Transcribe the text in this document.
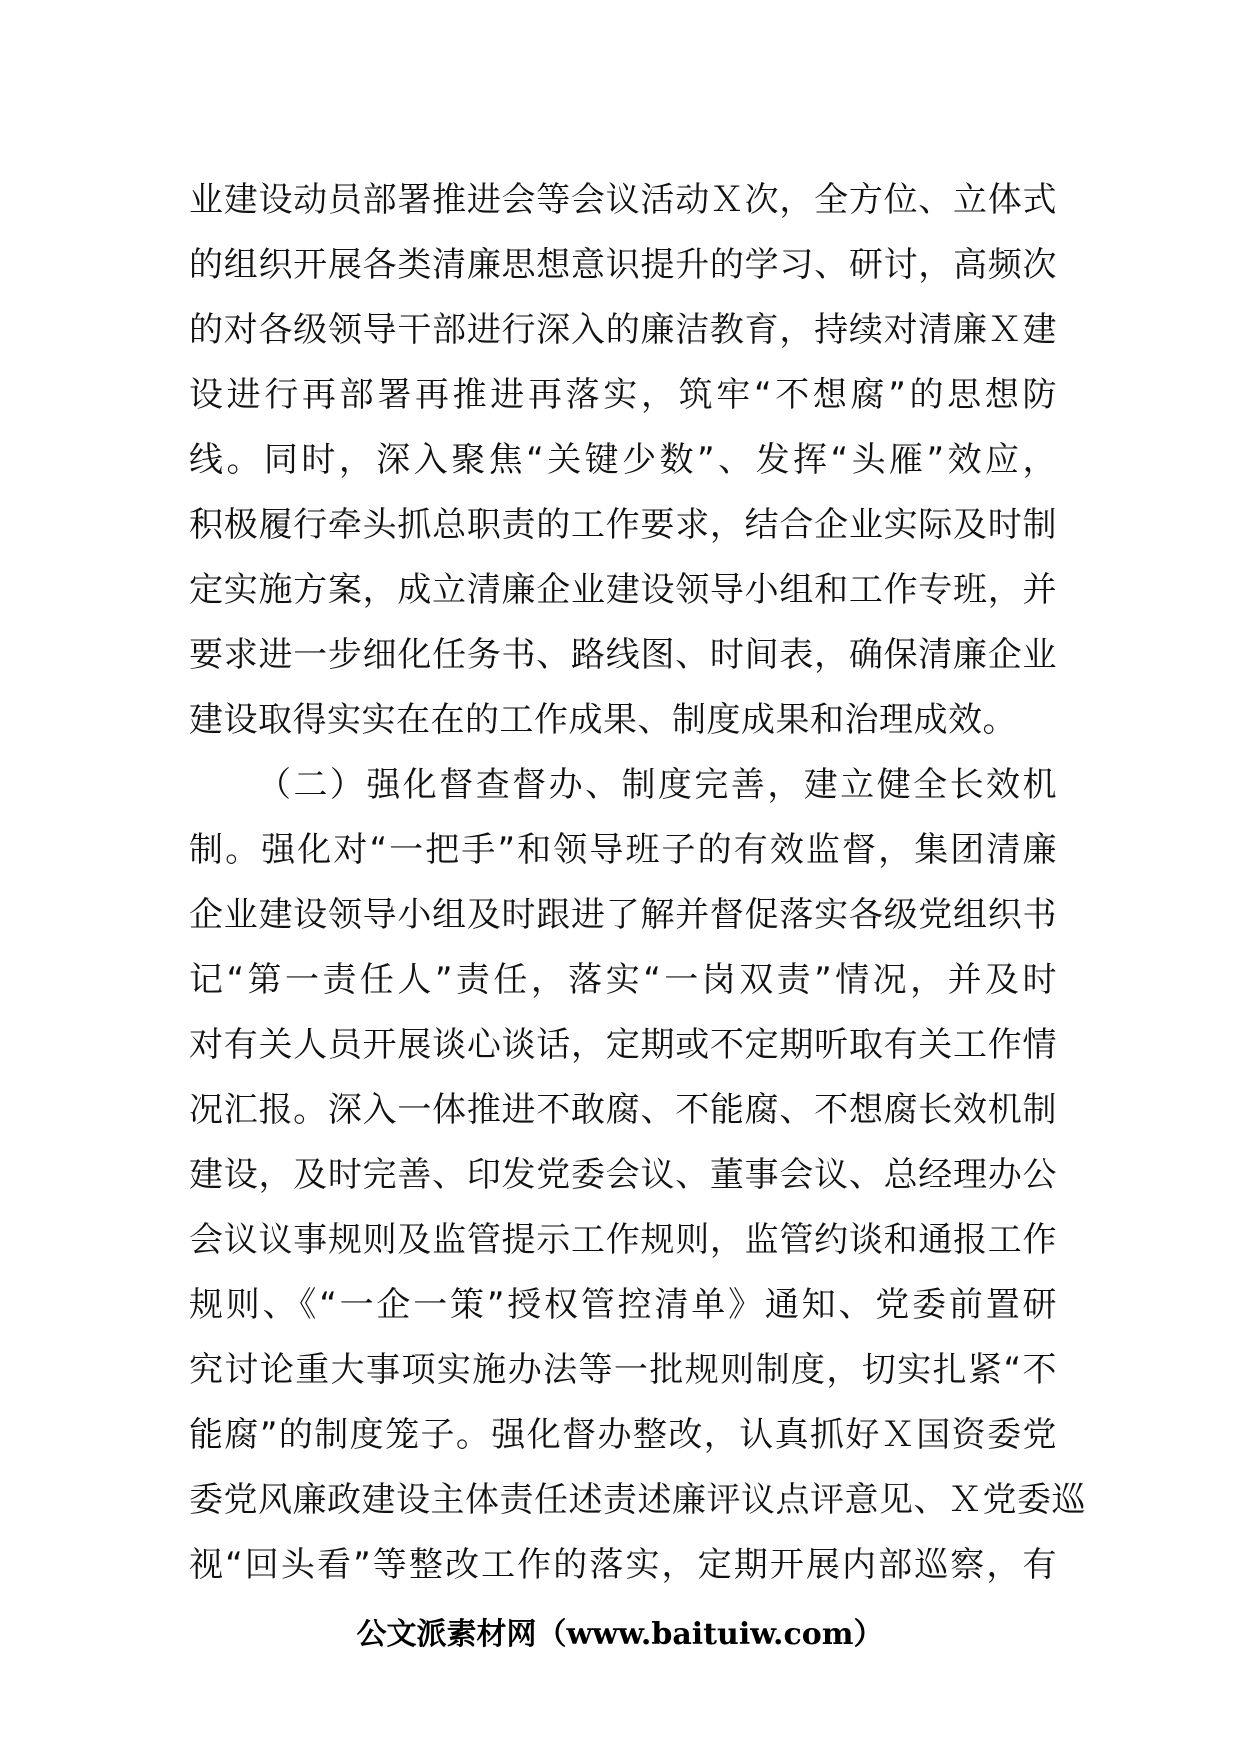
业建设动员部署推进会等会议活动Ｘ次，全方位、立体式
的组织开展各类清廉思想意识提升的学习、研讨，高频次
的对各级领导干部进行深入的廉洁教育，持续对清廉Ｘ建
设进行再部署再推进再落实，筑牢“不想腐”的思想防
线。同时，深入聚焦“关键少数”、发挥“头雁”效应，
积极履行牵头抓总职责的工作要求，结合企业实际及时制
定实施方案，成立清廉企业建设领导小组和工作专班，并
要求进一步细化任务书、路线图、时间表，确保清廉企业
建设取得实实在在的工作成果、制度成果和治理成效。
（二）强化督查督办、制度完善，建立健全长效机
制。强化对“一把手”和领导班子的有效监督，集团清廉
企业建设领导小组及时跟进了解并督促落实各级党组织书
记“第一责任人”责任，落实“一岗双责”情况，并及时
对有关人员开展谈心谈话，定期或不定期听取有关工作情
况汇报。深入一体推进不敢腐、不能腐、不想腐长效机制
建设，及时完善、印发党委会议、董事会议、总经理办公
会议议事规则及监管提示工作规则，监管约谈和通报工作
规则、《“一企一策”授权管控清单》通知、党委前置研
究讨论重大事项实施办法等一批规则制度，切实扎紧“不
能腐”的制度笼子。强化督办整改，认真抓好Ｘ国资委党
委党风廉政建设主体责任述责述廉评议点评意见、Ｘ党委巡
视“回头看”等整改工作的落实，定期开展内部巡察，有
公文派素材网（www.baituiw.com）
